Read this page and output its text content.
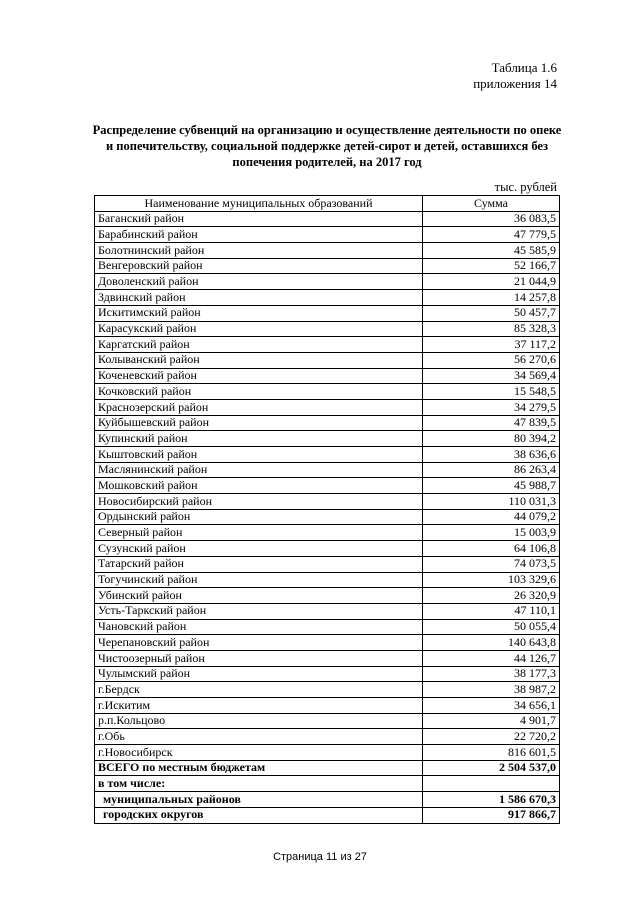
Таблица 1.6
приложения 14
Распределение субвенций на организацию и осуществление деятельности по опеке
и попечительству, социальной поддержке детей-сирот и детей, оставшихся без
попечения родителей, на 2017 год
тыс. рублей
Наименование муниципальных образований	Сумма
Баганский район	36 083,5
Барабинский район	47 779,5
Болотнинский район	45 585,9
Венгеровский район	52 166,7
Доволенский район	21 044,9
Здвинский район	14 257,8
Искитимский район	50 457,7
Карасукский район	85 328,3
Каргатский район	37 117,2
Колыванский район	56 270,6
Коченевский район	34 569,4
Кочковский район	15 548,5
Краснозерский район	34 279,5
Куйбышевский район	47 839,5
Купинский район	80 394,2
Кыштовский район	38 636,6
Маслянинский район	86 263,4
Мошковский район	45 988,7
Новосибирский район	110 031,3
Ордынский район	44 079,2
Северный район	15 003,9
Сузунский район	64 106,8
Татарский район	74 073,5
Тогучинский район	103 329,6
Убинский район	26 320,9
Усть-Таркский район	47 110,1
Чановский район	50 055,4
Черепановский район	140 643,8
Чистоозерный район	44 126,7
Чулымский район	38 177,3
г.Бердск	38 987,2
г.Искитим	34 656,1
р.п.Кольцово	4 901,7
г.Обь	22 720,2
г.Новосибирск	816 601,5
ВСЕГО по местным бюджетам	2 504 537,0
в том числе:	
муниципальных районов	1 586 670,3
городских округов	917 866,7
Страница 11 из 27
